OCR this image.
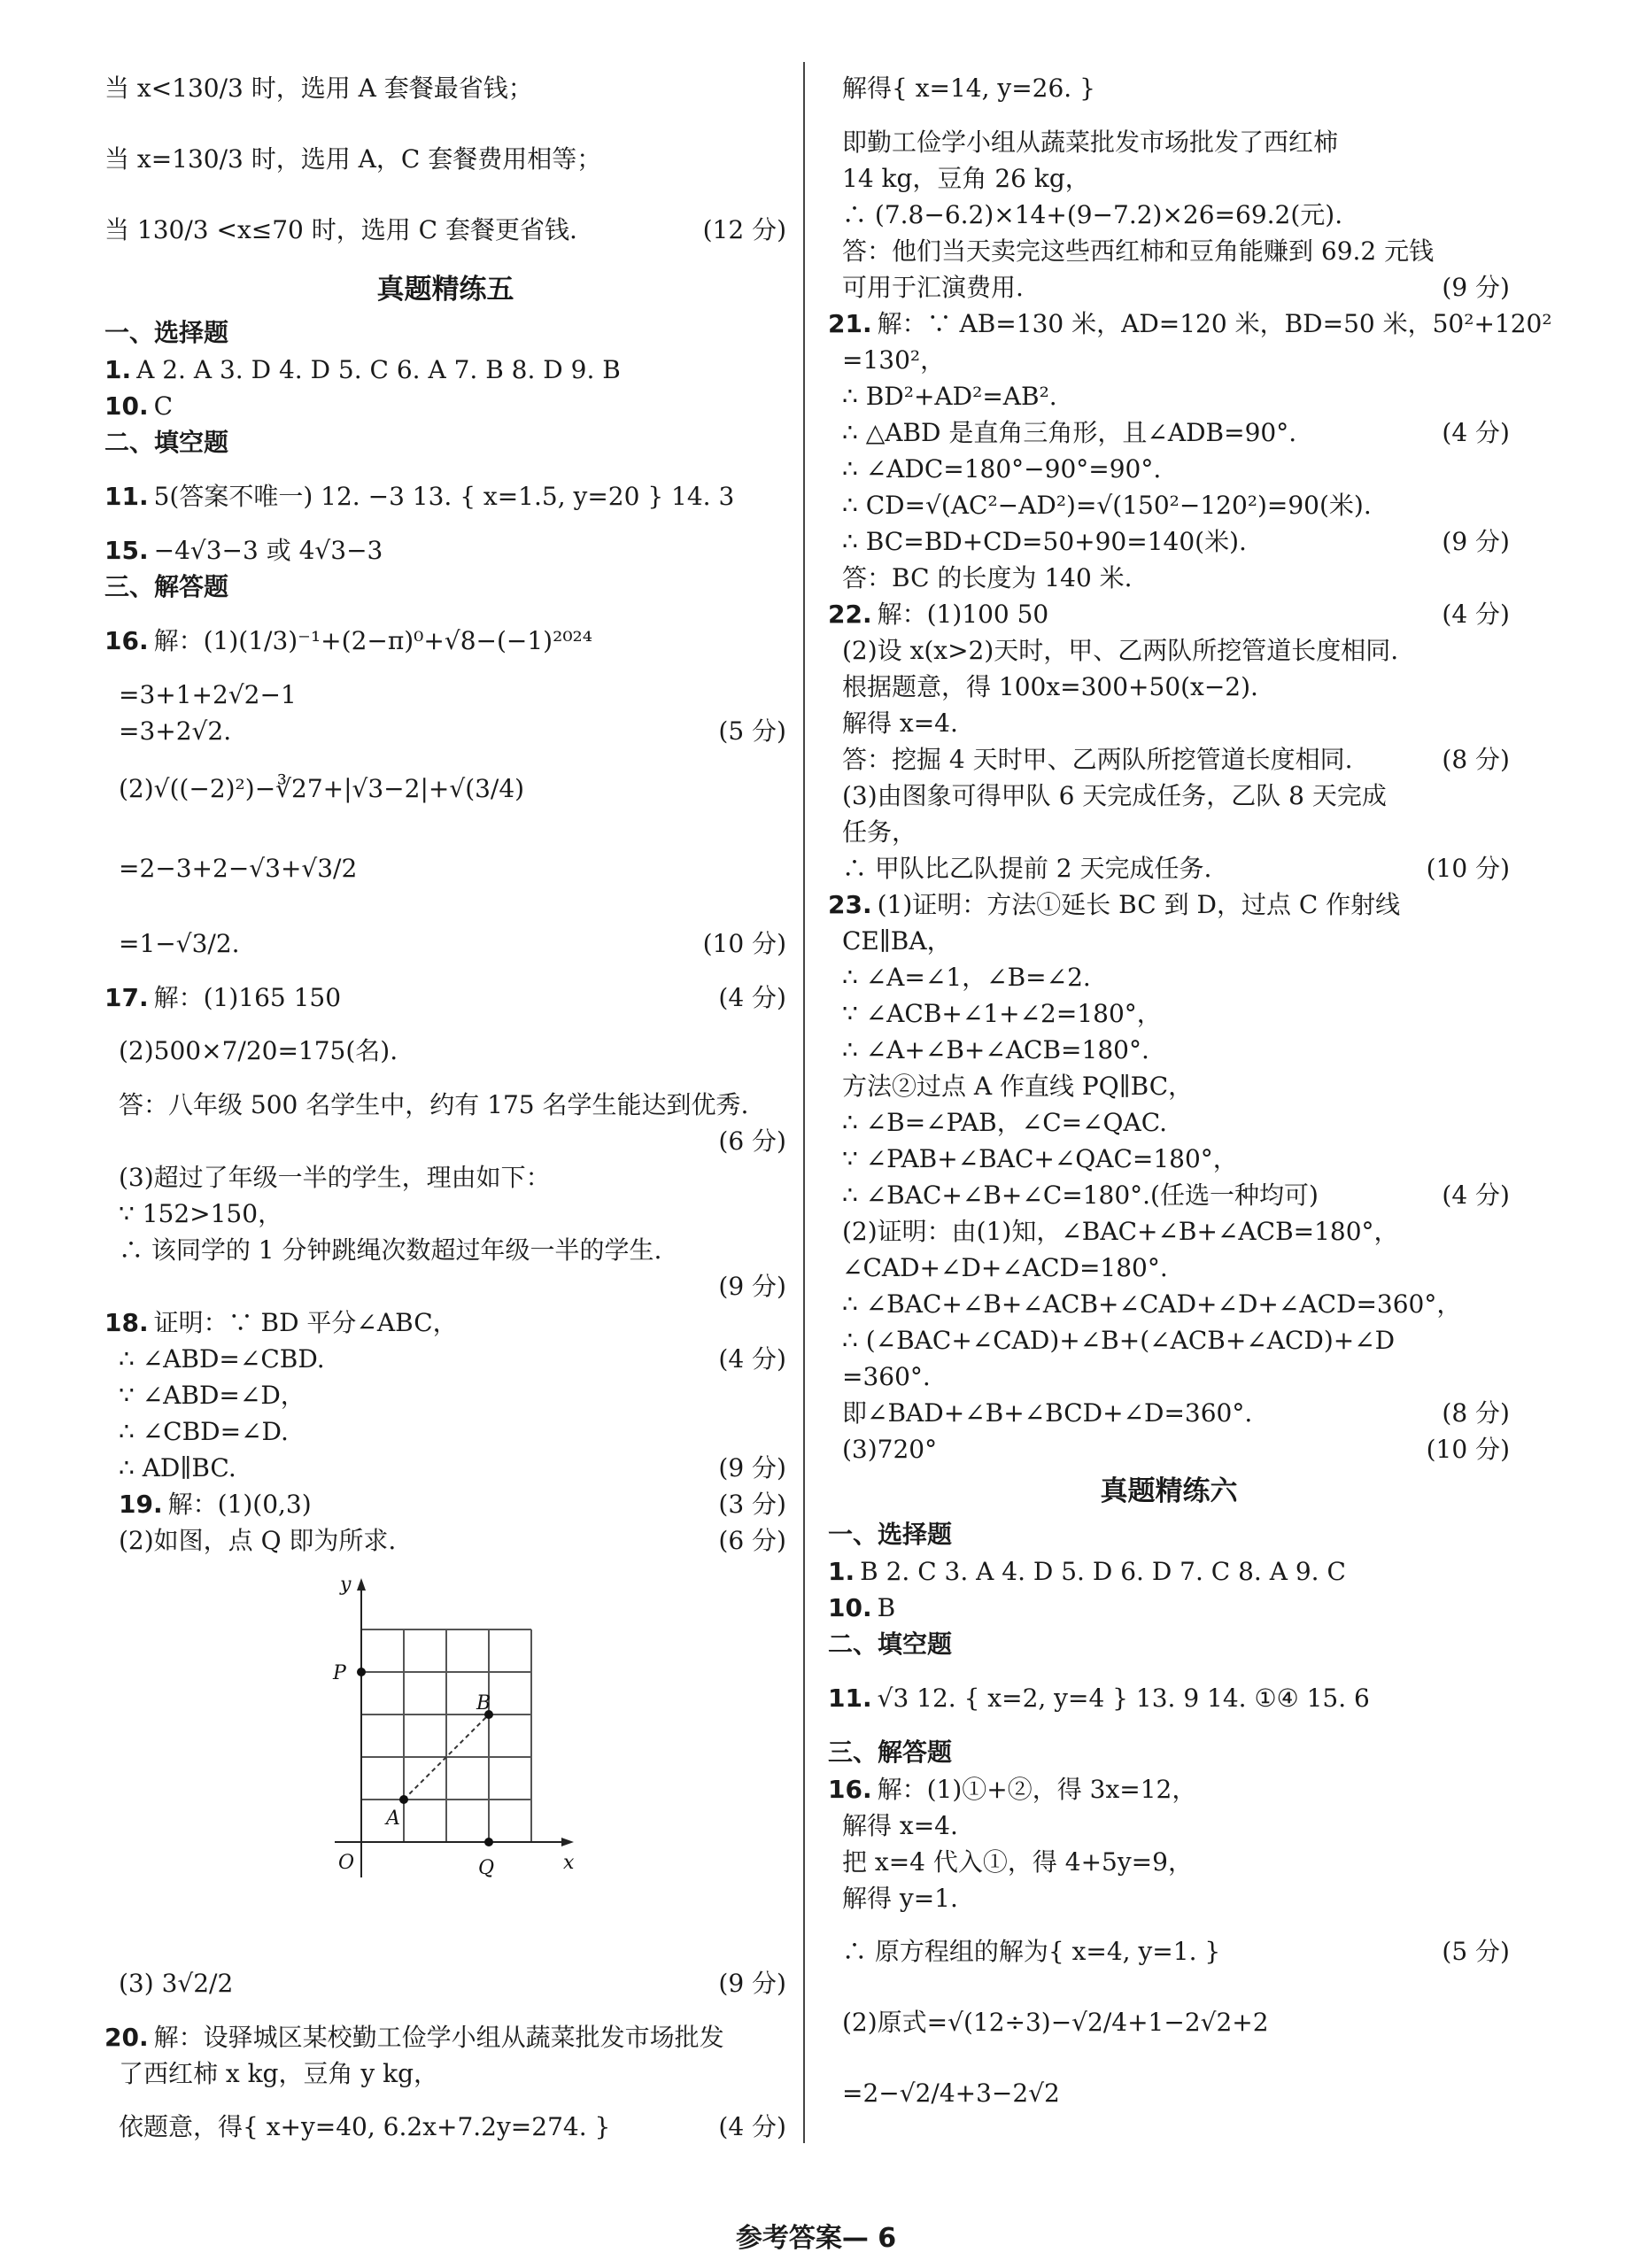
当 x<130/3 时，选用 A 套餐最省钱；
当 x=130/3 时，选用 A，C 套餐费用相等；
当 130/3 <x≤70 时，选用 C 套餐更省钱.	(12 分)
真题精练五
一、选择题
1. A 2. A 3. D 4. D 5. C 6. A 7. B 8. D 9. B
10. C
二、填空题
11. 5(答案不唯一) 12. −3 13. { x=1.5, y=20 } 14. 3
15. −4√3−3 或 4√3−3
三、解答题
16. 解：(1)(1/3)⁻¹+(2−π)⁰+√8−(−1)²⁰²⁴
=3+1+2√2−1
=3+2√2.	(5 分)
(2)√((−2)²)−∛27+|√3−2|+√(3/4)
=2−3+2−√3+√3/2
=1−√3/2.	(10 分)
17. 解：(1)165 150	(4 分)
(2)500×7/20=175(名).
答：八年级 500 名学生中，约有 175 名学生能达到优秀.
(6 分)
(3)超过了年级一半的学生，理由如下：
∵ 152>150，
∴ 该同学的 1 分钟跳绳次数超过年级一半的学生.
(9 分)
18. 证明：∵ BD 平分∠ABC，
∴ ∠ABD=∠CBD.	(4 分)
∵ ∠ABD=∠D，
∴ ∠CBD=∠D.
∴ AD∥BC.	(9 分)
19. 解：(1)(0,3)	(3 分)
(2)如图，点 Q 即为所求.	(6 分)
y
x
O
P
A
B
Q
(3) 3√2/2	(9 分)
20. 解：设驿城区某校勤工俭学小组从蔬菜批发市场批发
了西红柿 x kg，豆角 y kg，
依题意，得{ x+y=40, 6.2x+7.2y=274. }	(4 分)
解得{ x=14, y=26. }
即勤工俭学小组从蔬菜批发市场批发了西红柿
14 kg，豆角 26 kg，
∴ (7.8−6.2)×14+(9−7.2)×26=69.2(元).
答：他们当天卖完这些西红柿和豆角能赚到 69.2 元钱
可用于汇演费用.	(9 分)
21. 解：∵ AB=130 米，AD=120 米，BD=50 米，50²+120²
=130²，
∴ BD²+AD²=AB².
∴ △ABD 是直角三角形，且∠ADB=90°.	(4 分)
∴ ∠ADC=180°−90°=90°.
∴ CD=√(AC²−AD²)=√(150²−120²)=90(米).
∴ BC=BD+CD=50+90=140(米).	(9 分)
答：BC 的长度为 140 米.
22. 解：(1)100 50	(4 分)
(2)设 x(x>2)天时，甲、乙两队所挖管道长度相同.
根据题意，得 100x=300+50(x−2).
解得 x=4.
答：挖掘 4 天时甲、乙两队所挖管道长度相同.	(8 分)
(3)由图象可得甲队 6 天完成任务，乙队 8 天完成
任务，
∴ 甲队比乙队提前 2 天完成任务.	(10 分)
23. (1)证明：方法①延长 BC 到 D，过点 C 作射线
CE∥BA，
∴ ∠A=∠1，∠B=∠2.
∵ ∠ACB+∠1+∠2=180°，
∴ ∠A+∠B+∠ACB=180°.
方法②过点 A 作直线 PQ∥BC，
∴ ∠B=∠PAB，∠C=∠QAC.
∵ ∠PAB+∠BAC+∠QAC=180°，
∴ ∠BAC+∠B+∠C=180°.(任选一种均可)	(4 分)
(2)证明：由(1)知，∠BAC+∠B+∠ACB=180°，
∠CAD+∠D+∠ACD=180°.
∴ ∠BAC+∠B+∠ACB+∠CAD+∠D+∠ACD=360°，
∴ (∠BAC+∠CAD)+∠B+(∠ACB+∠ACD)+∠D
=360°.
即∠BAD+∠B+∠BCD+∠D=360°.	(8 分)
(3)720°	(10 分)
真题精练六
一、选择题
1. B 2. C 3. A 4. D 5. D 6. D 7. C 8. A 9. C
10. B
二、填空题
11. √3 12. { x=2, y=4 } 13. 9 14. ①④ 15. 6
三、解答题
16. 解：(1)①+②，得 3x=12，
解得 x=4.
把 x=4 代入①，得 4+5y=9，
解得 y=1.
∴ 原方程组的解为{ x=4, y=1. }	(5 分)
(2)原式=√(12÷3)−√2/4+1−2√2+2
=2−√2/4+3−2√2
参考答案— 6
